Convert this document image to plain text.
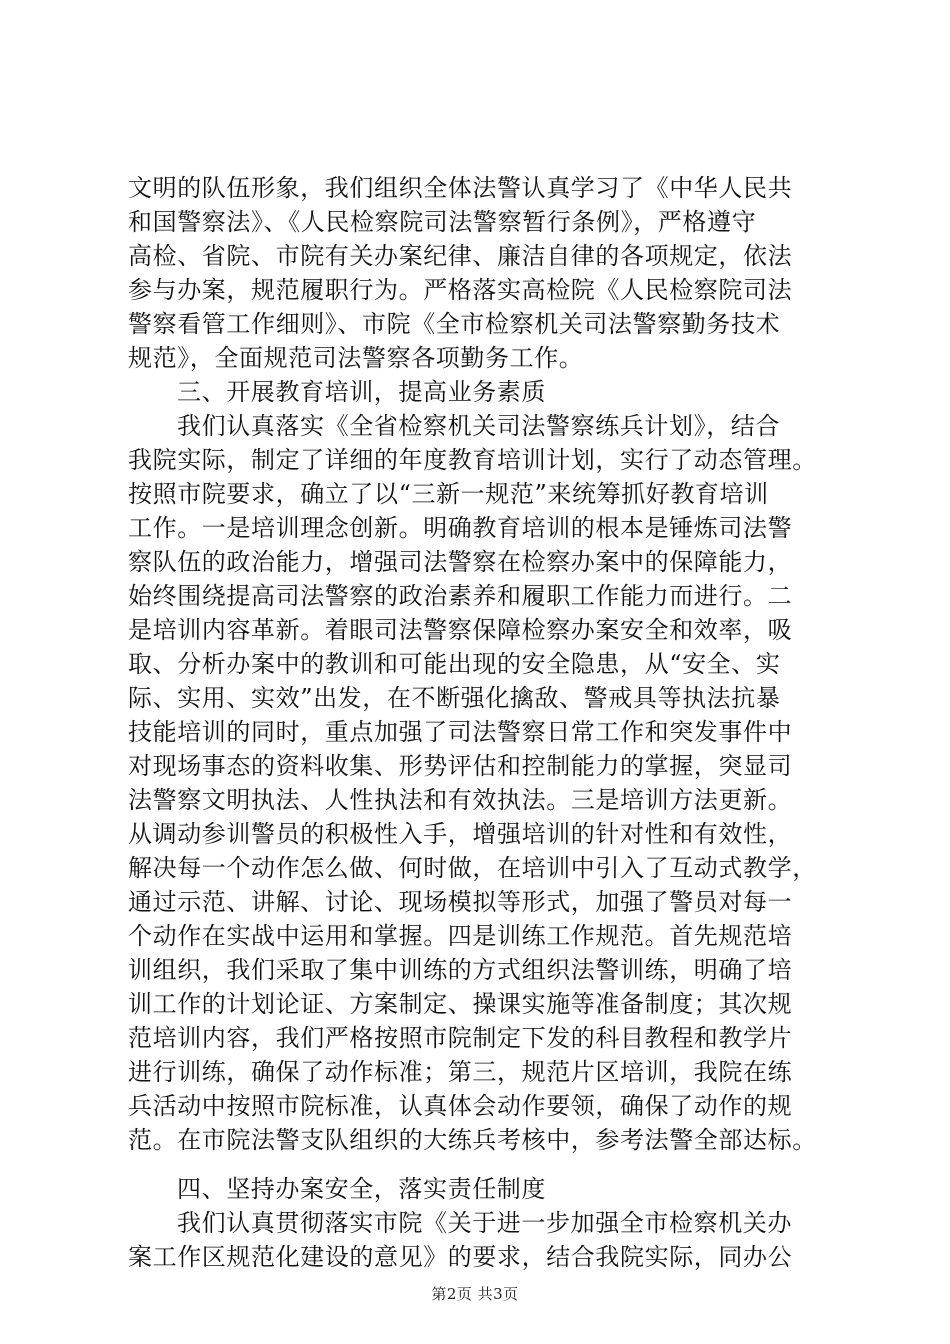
文明的队伍形象，我们组织全体法警认真学习了《中华人民共
和国警察法》、《人民检察院司法警察暂行条例》，严格遵守
高检、省院、市院有关办案纪律、廉洁自律的各项规定，依法
参与办案，规范履职行为。严格落实高检院《人民检察院司法
警察看管工作细则》、市院《全市检察机关司法警察勤务技术
规范》，全面规范司法警察各项勤务工作。
三、开展教育培训，提高业务素质
我们认真落实《全省检察机关司法警察练兵计划》，结合
我院实际，制定了详细的年度教育培训计划，实行了动态管理。
按照市院要求，确立了以“三新一规范”来统筹抓好教育培训
工作。一是培训理念创新。明确教育培训的根本是锤炼司法警
察队伍的政治能力，增强司法警察在检察办案中的保障能力，
始终围绕提高司法警察的政治素养和履职工作能力而进行。二
是培训内容革新。着眼司法警察保障检察办案安全和效率，吸
取、分析办案中的教训和可能出现的安全隐患，从“安全、实
际、实用、实效”出发，在不断强化擒敌、警戒具等执法抗暴
技能培训的同时，重点加强了司法警察日常工作和突发事件中
对现场事态的资料收集、形势评估和控制能力的掌握，突显司
法警察文明执法、人性执法和有效执法。三是培训方法更新。
从调动参训警员的积极性入手，增强培训的针对性和有效性，
解决每一个动作怎么做、何时做，在培训中引入了互动式教学，
通过示范、讲解、讨论、现场模拟等形式，加强了警员对每一
个动作在实战中运用和掌握。四是训练工作规范。首先规范培
训组织，我们采取了集中训练的方式组织法警训练，明确了培
训工作的计划论证、方案制定、操课实施等准备制度；其次规
范培训内容，我们严格按照市院制定下发的科目教程和教学片
进行训练，确保了动作标准；第三，规范片区培训，我院在练
兵活动中按照市院标准，认真体会动作要领，确保了动作的规
范。在市院法警支队组织的大练兵考核中，参考法警全部达标。
四、坚持办案安全，落实责任制度
我们认真贯彻落实市院《关于进一步加强全市检察机关办
案工作区规范化建设的意见》的要求，结合我院实际，同办公
第2页 共3页
